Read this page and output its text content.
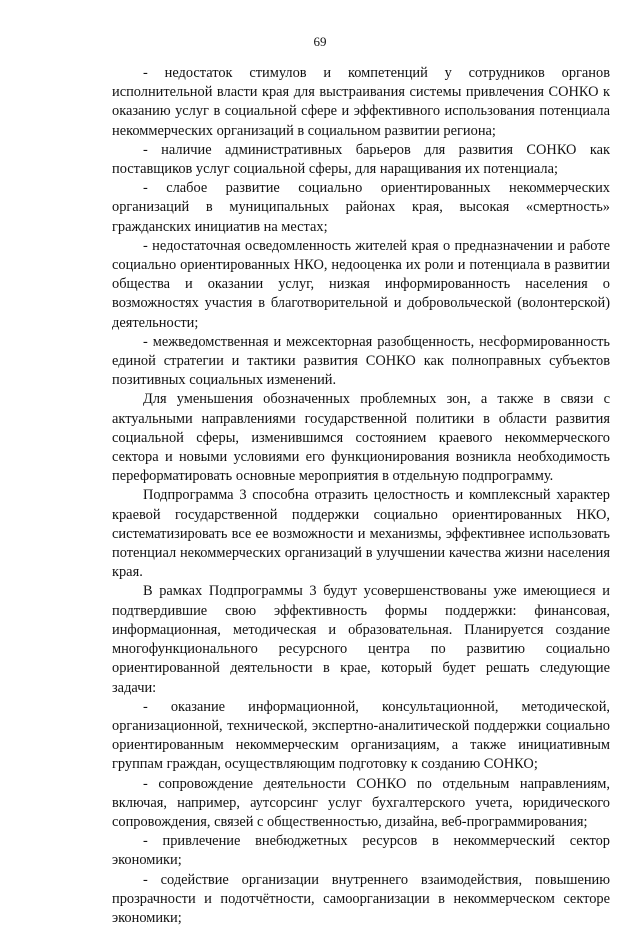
69

- недостаток стимулов и компетенций у сотрудников органов исполнительной власти края для выстраивания системы привлечения СОНКО к оказанию услуг в социальной сфере и эффективного использования потенциала некоммерческих организаций в социальном развитии региона;

- наличие административных барьеров для развития СОНКО как поставщиков услуг социальной сферы, для наращивания их потенциала;

- слабое развитие социально ориентированных некоммерческих организаций в муниципальных районах края, высокая «смертность» гражданских инициатив на местах;

- недостаточная осведомленность жителей края о предназначении и работе социально ориентированных НКО, недооценка их роли и потенциала в развитии общества и оказании услуг, низкая информированность населения о возможностях участия в благотворительной и добровольческой (волонтерской) деятельности;

- межведомственная и межсекторная разобщенность, несформированность единой стратегии и тактики развития СОНКО как полноправных субъектов позитивных социальных изменений.

Для уменьшения обозначенных проблемных зон, а также в связи с актуальными направлениями государственной политики в области развития социальной сферы, изменившимся состоянием краевого некоммерческого сектора и новыми условиями его функционирования возникла необходимость переформатировать основные мероприятия в отдельную подпрограмму.

Подпрограмма 3 способна отразить целостность и комплексный характер краевой государственной поддержки социально ориентированных НКО, систематизировать все ее возможности и механизмы, эффективнее использовать потенциал некоммерческих организаций в улучшении качества жизни населения края.

В рамках Подпрограммы 3 будут усовершенствованы уже имеющиеся и подтвердившие свою эффективность формы поддержки: финансовая, информационная, методическая и образовательная. Планируется создание многофункционального ресурсного центра по развитию социально ориентированной деятельности в крае, который будет решать следующие задачи:

- оказание информационной, консультационной, методической, организационной, технической, экспертно-аналитической поддержки социально ориентированным некоммерческим организациям, а также инициативным группам граждан, осуществляющим подготовку к созданию СОНКО;

- сопровождение деятельности СОНКО по отдельным направлениям, включая, например, аутсорсинг услуг бухгалтерского учета, юридического сопровождения, связей с общественностью, дизайна, веб-программирования;

- привлечение внебюджетных ресурсов в некоммерческий сектор экономики;

- содействие организации внутреннего взаимодействия, повышению прозрачности и подотчётности, самоорганизации в некоммерческом секторе экономики;
